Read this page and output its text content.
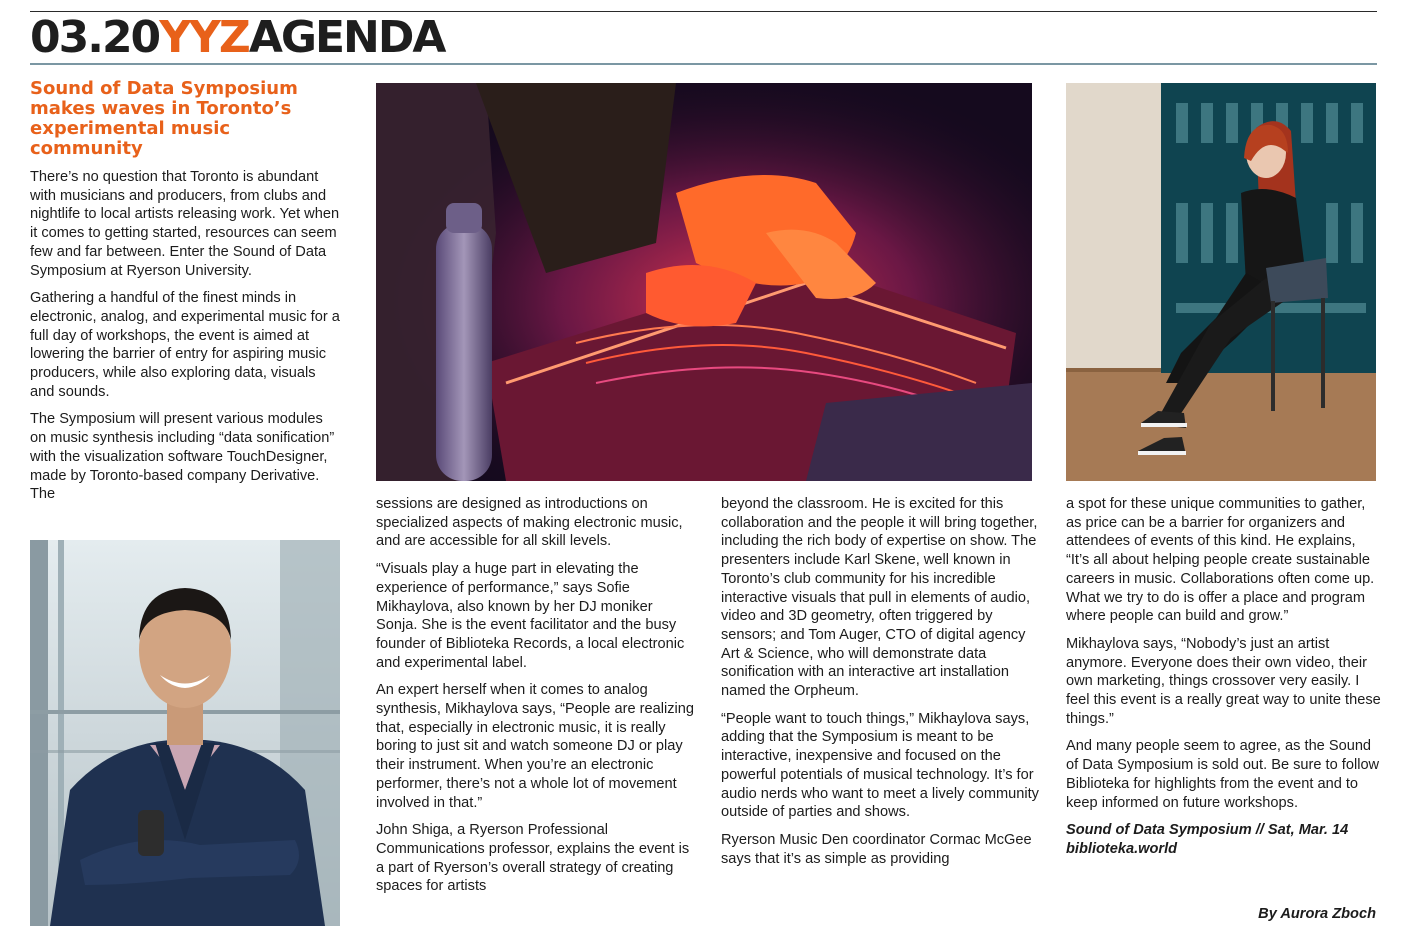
03.20YYZAGENDA
Sound of Data Symposium makes waves in Toronto’s experimental music community

There’s no question that Toronto is abundant with musicians and producers, from clubs and nightlife to local artists releasing work. Yet when it comes to getting started, resources can seem few and far between. Enter the Sound of Data Symposium at Ryerson University.

Gathering a handful of the finest minds in electronic, analog, and experimental music for a full day of workshops, the event is aimed at lowering the barrier of entry for aspiring music producers, while also exploring data, visuals and sounds.

The Symposium will present various modules on music synthesis including “data sonification” with the visualization software TouchDesigner, made by Toronto-based company Derivative. The

sessions are designed as introductions on specialized aspects of making electronic music, and are accessible for all skill levels.

“Visuals play a huge part in elevating the experience of performance,” says Sofie Mikhaylova, also known by her DJ moniker Sonja. She is the event facilitator and the busy founder of Biblioteka Records, a local electronic and experimental label.

An expert herself when it comes to analog synthesis, Mikhaylova says, “People are realizing that, especially in electronic music, it is really boring to just sit and watch someone DJ or play their instrument. When you’re an electronic performer, there’s not a whole lot of movement involved in that.”

John Shiga, a Ryerson Professional Communications professor, explains the event is a part of Ryerson’s overall strategy of creating spaces for artists

beyond the classroom. He is excited for this collaboration and the people it will bring together, including the rich body of expertise on show. The presenters include Karl Skene, well known in Toronto’s club community for his incredible interactive visuals that pull in elements of audio, video and 3D geometry, often triggered by sensors; and Tom Auger, CTO of digital agency Art & Science, who will demonstrate data sonification with an interactive art installation named the Orpheum.

“People want to touch things,” Mikhaylova says, adding that the Symposium is meant to be interactive, inexpensive and focused on the powerful potentials of musical technology. It’s for audio nerds who want to meet a lively community outside of parties and shows.

Ryerson Music Den coordinator Cormac McGee says that it’s as simple as providing

a spot for these unique communities to gather, as price can be a barrier for organizers and attendees of events of this kind. He explains, “It’s all about helping people create sustainable careers in music. Collaborations often come up. What we try to do is offer a place and program where people can build and grow.”

Mikhaylova says, “Nobody’s just an artist anymore. Everyone does their own video, their own marketing, things crossover very easily. I feel this event is a really great way to unite these things.”

And many people seem to agree, as the Sound of Data Symposium is sold out. Be sure to follow Biblioteka for highlights from the event and to keep informed on future workshops.

Sound of Data Symposium // Sat, Mar. 14
biblioteka.world
By Aurora Zboch
